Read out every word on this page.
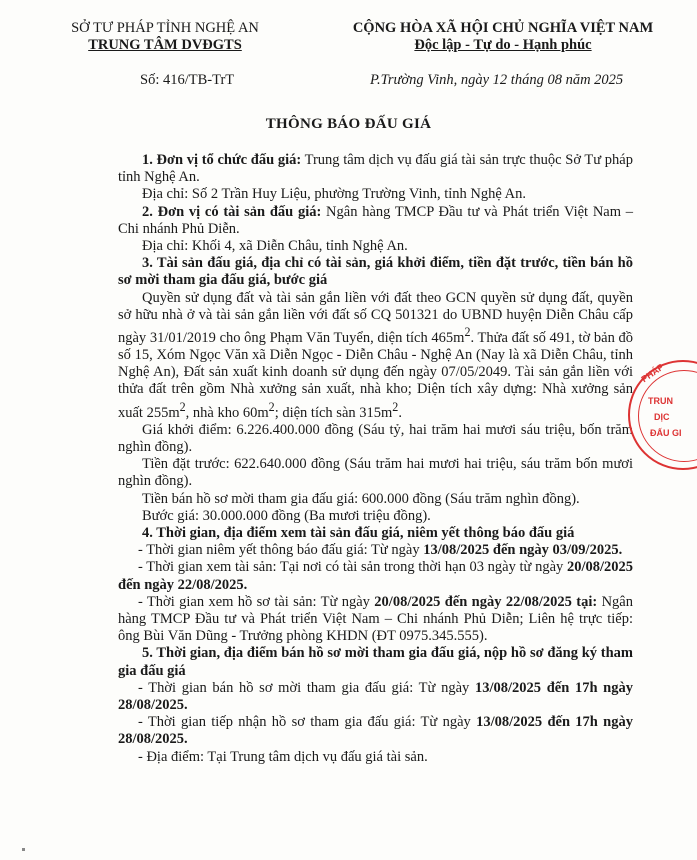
SỞ TƯ PHÁP TỈNH NGHỆ AN
TRUNG TÂM DVĐGTS
CỘNG HÒA XÃ HỘI CHỦ NGHĨA VIỆT NAM
Độc lập - Tự do - Hạnh phúc
Số: 416/TB-TrT	P.Trường Vinh, ngày 12 tháng 08 năm 2025
THÔNG BÁO ĐẤU GIÁ

1. Đơn vị tổ chức đấu giá: Trung tâm dịch vụ đấu giá tài sản trực thuộc Sở Tư pháp tỉnh Nghệ An.

Địa chỉ: Số 2 Trần Huy Liệu, phường Trường Vinh, tỉnh Nghệ An.

2. Đơn vị có tài sản đấu giá: Ngân hàng TMCP Đầu tư và Phát triển Việt Nam – Chi nhánh Phủ Diễn.

Địa chỉ: Khối 4, xã Diễn Châu, tỉnh Nghệ An.

3. Tài sản đấu giá, địa chỉ có tài sản, giá khởi điểm, tiền đặt trước, tiền bán hồ sơ mời tham gia đấu giá, bước giá

Quyền sử dụng đất và tài sản gắn liền với đất theo GCN quyền sử dụng đất, quyền sở hữu nhà ở và tài sản gắn liền với đất số CQ 501321 do UBND huyện Diễn Châu cấp ngày 31/01/2019 cho ông Phạm Văn Tuyển, diện tích $465m^2$. Thửa đất số 491, tờ bản đồ số 15, Xóm Ngọc Văn xã Diễn Ngọc - Diễn Châu - Nghệ An (Nay là xã Diễn Châu, tỉnh Nghệ An), Đất sản xuất kinh doanh sử dụng đến ngày 07/05/2049. Tài sản gắn liền với thửa đất trên gồm Nhà xưởng sản xuất, nhà kho; Diện tích xây dựng: Nhà xưởng sản xuất $255m^2$, nhà kho $60m^2$; diện tích sàn $315m^2$.

Giá khởi điểm: 6.226.400.000 đồng (Sáu tỷ, hai trăm hai mươi sáu triệu, bốn trăm nghìn đồng).

Tiền đặt trước: 622.640.000 đồng (Sáu trăm hai mươi hai triệu, sáu trăm bốn mươi nghìn đồng).

Tiền bán hồ sơ mời tham gia đấu giá: 600.000 đồng (Sáu trăm nghìn đồng).

Bước giá: 30.000.000 đồng (Ba mươi triệu đồng).

4. Thời gian, địa điểm xem tài sản đấu giá, niêm yết thông báo đấu giá

- Thời gian niêm yết thông báo đấu giá: Từ ngày 13/08/2025 đến ngày 03/09/2025.

- Thời gian xem tài sản: Tại nơi có tài sản trong thời hạn 03 ngày từ ngày 20/08/2025 đến ngày 22/08/2025.

- Thời gian xem hồ sơ tài sản: Từ ngày 20/08/2025 đến ngày 22/08/2025 tại: Ngân hàng TMCP Đầu tư và Phát triển Việt Nam – Chi nhánh Phủ Diễn; Liên hệ trực tiếp: ông Bùi Văn Dũng - Trưởng phòng KHDN (ĐT 0975.345.555).

5. Thời gian, địa điểm bán hồ sơ mời tham gia đấu giá, nộp hồ sơ đăng ký tham gia đấu giá

- Thời gian bán hồ sơ mời tham gia đấu giá: Từ ngày 13/08/2025 đến 17h ngày 28/08/2025.

- Thời gian tiếp nhận hồ sơ tham gia đấu giá: Từ ngày 13/08/2025 đến 17h ngày 28/08/2025.

- Địa điểm: Tại Trung tâm dịch vụ đấu giá tài sản.

PHÁP
TRUN
DỊC
ĐẤU GI
